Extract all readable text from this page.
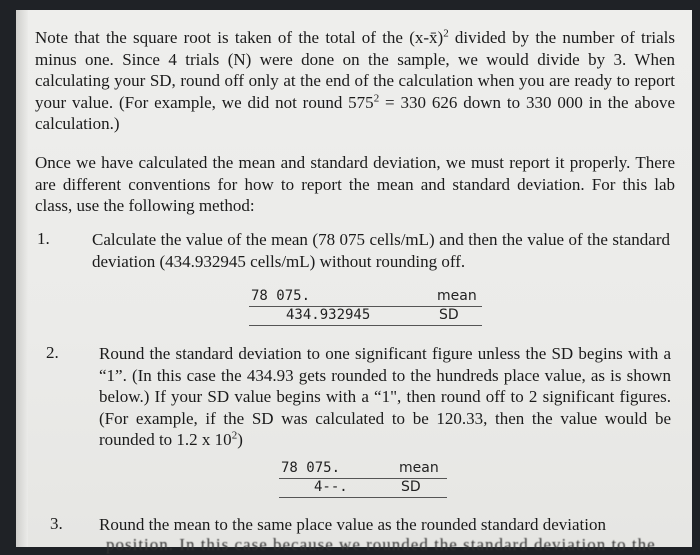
Note that the square root is taken of the total of the (x-x̄)$^2$ divided by the number of trials minus one. Since 4 trials (N) were done on the sample, we would divide by 3. When calculating your SD, round off only at the end of the calculation when you are ready to report your value. (For example, we did not round $575^2 = 330$ 626 down to 330 000 in the above calculation.)

Once we have calculated the mean and standard deviation, we must report it properly. There are different conventions for how to report the mean and standard deviation. For this lab class, use the following method:

1. Calculate the value of the mean (78 075 cells/mL) and then the value of the standard deviation (434.932945 cells/mL) without rounding off.

78 075.	mean
434.932945	SD
2. Round the standard deviation to one significant figure unless the SD begins with a “1”. (In this case the 434.93 gets rounded to the hundreds place value, as is shown below.) If your SD value begins with a “1", then round off to 2 significant figures. (For example, if the SD was calculated to be 120.33, then the value would be rounded to 1.2 x $10^2$)

78 075.	mean
4--.	SD
3. Round the mean to the same place value as the rounded standard deviation

position. In this case because we rounded the standard deviation to the
